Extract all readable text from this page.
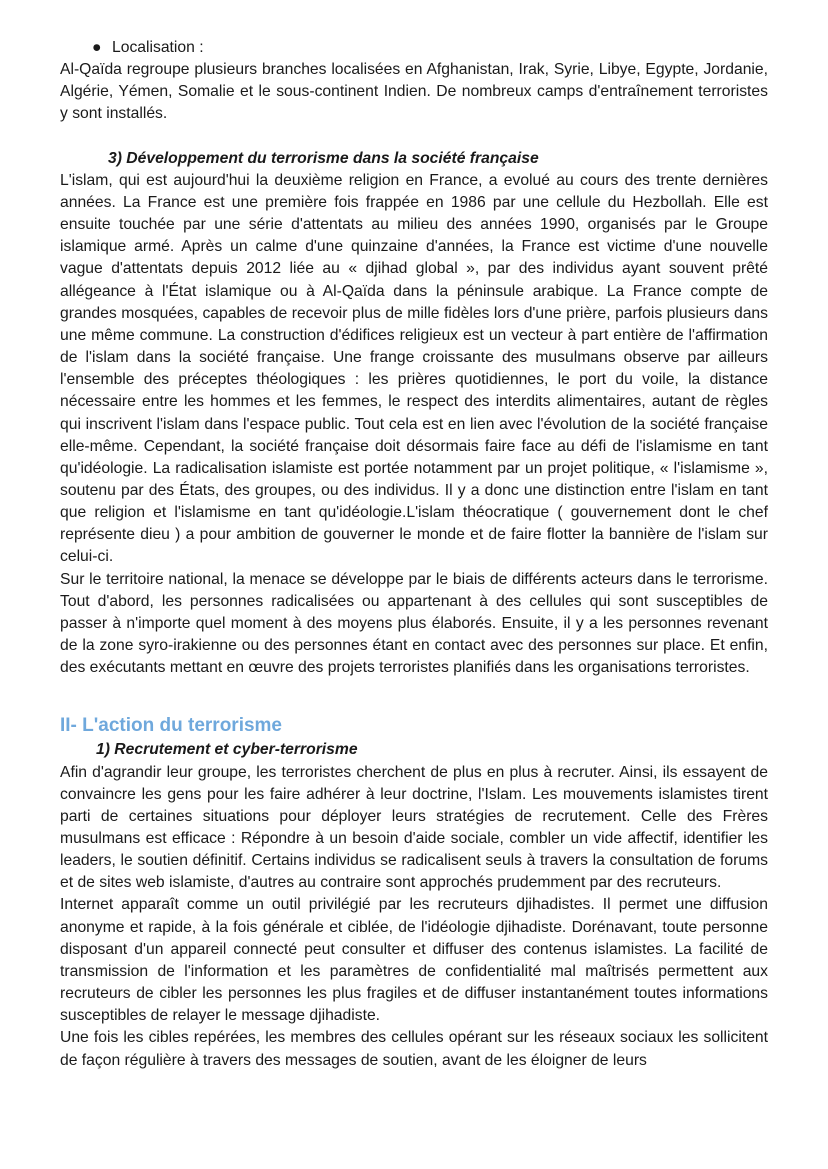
● Localisation :

Al-Qaïda regroupe plusieurs branches localisées en Afghanistan, Irak, Syrie, Libye, Egypte, Jordanie, Algérie, Yémen, Somalie et le sous-continent Indien. De nombreux camps d'entraînement terroristes y sont installés.

3) Développement du terrorisme dans la société française

L'islam, qui est aujourd'hui la deuxième religion en France, a evolué au cours des trente dernières années. La France est une première fois frappée en 1986 par une cellule du Hezbollah. Elle est ensuite touchée par une série d'attentats au milieu des années 1990, organisés par le Groupe islamique armé. Après un calme d'une quinzaine d'années, la France est victime d'une nouvelle vague d'attentats depuis 2012 liée au « djihad global », par des individus ayant souvent prêté allégeance à l'État islamique ou à Al-Qaïda dans la péninsule arabique. La France compte de grandes mosquées, capables de recevoir plus de mille fidèles lors d'une prière, parfois plusieurs dans une même commune. La construction d'édifices religieux est un vecteur à part entière de l'affirmation de l'islam dans la société française. Une frange croissante des musulmans observe par ailleurs l'ensemble des préceptes théologiques : les prières quotidiennes, le port du voile, la distance nécessaire entre les hommes et les femmes, le respect des interdits alimentaires, autant de règles qui inscrivent l'islam dans l'espace public. Tout cela est en lien avec l'évolution de la société française elle-même. Cependant, la société française doit désormais faire face au défi de l'islamisme en tant qu'idéologie. La radicalisation islamiste est portée notamment par un projet politique, « l'islamisme », soutenu par des États, des groupes, ou des individus. Il y a donc une distinction entre l'islam en tant que religion et l'islamisme en tant qu'idéologie.L'islam théocratique ( gouvernement dont le chef représente dieu ) a pour ambition de gouverner le monde et de faire flotter la bannière de l'islam sur celui-ci.

Sur le territoire national, la menace se développe par le biais de différents acteurs dans le terrorisme. Tout d'abord, les personnes radicalisées ou appartenant à des cellules qui sont susceptibles de passer à n'importe quel moment à des moyens plus élaborés. Ensuite, il y a les personnes revenant de la zone syro-irakienne ou des personnes étant en contact avec des personnes sur place. Et enfin, des exécutants mettant en œuvre des projets terroristes planifiés dans les organisations terroristes.

II- L'action du terrorisme

1) Recrutement et cyber-terrorisme

Afin d'agrandir leur groupe, les terroristes cherchent de plus en plus à recruter. Ainsi, ils essayent de convaincre les gens pour les faire adhérer à leur doctrine, l'Islam. Les mouvements islamistes tirent parti de certaines situations pour déployer leurs stratégies de recrutement. Celle des Frères musulmans est efficace : Répondre à un besoin d'aide sociale, combler un vide affectif, identifier les leaders, le soutien définitif. Certains individus se radicalisent seuls à travers la consultation de forums et de sites web islamiste, d'autres au contraire sont approchés prudemment par des recruteurs.

Internet apparaît comme un outil privilégié par les recruteurs djihadistes. Il permet une diffusion anonyme et rapide, à la fois générale et ciblée, de l'idéologie djihadiste. Dorénavant, toute personne disposant d'un appareil connecté peut consulter et diffuser des contenus islamistes. La facilité de transmission de l'information et les paramètres de confidentialité mal maîtrisés permettent aux recruteurs de cibler les personnes les plus fragiles et de diffuser instantanément toutes informations susceptibles de relayer le message djihadiste.

Une fois les cibles repérées, les membres des cellules opérant sur les réseaux sociaux les sollicitent de façon régulière à travers des messages de soutien, avant de les éloigner de leurs
